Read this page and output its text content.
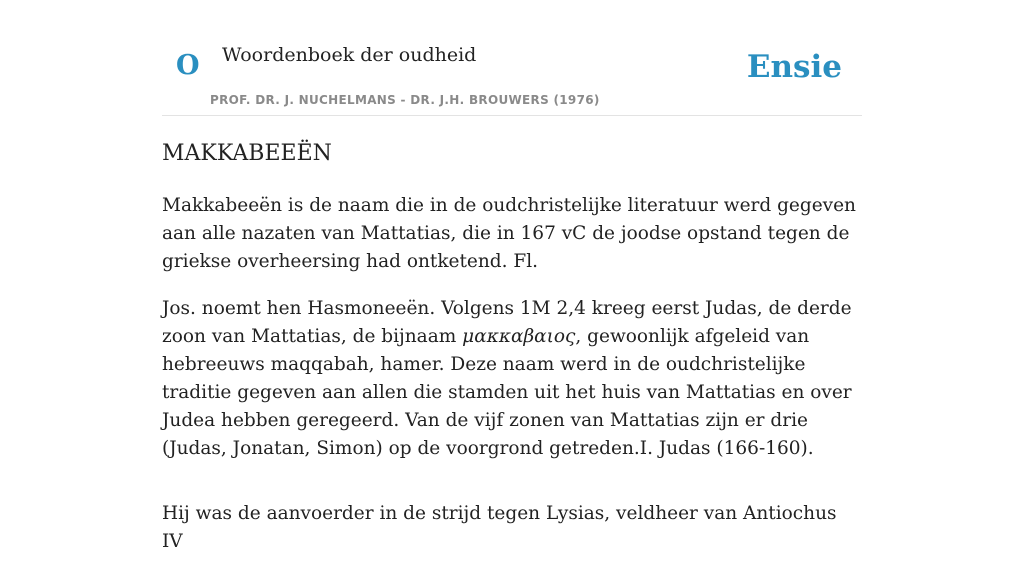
O Woordenboek der oudheid
PROF. DR. J. NUCHELMANS - DR. J.H. BROUWERS (1976)
Ensie
MAKKABEEËN

Makkabeeën is de naam die in de oudchristelijke literatuur werd gegeven aan alle nazaten van Mattatias, die in 167 vC de joodse opstand tegen de griekse overheersing had ontketend. Fl.

Jos. noemt hen Hasmoneeën. Volgens 1M 2,4 kreeg eerst Judas, de derde zoon van Mattatias, de bijnaam μακκαβαιος, gewoonlijk afgeleid van hebreeuws maqqabah, hamer. Deze naam werd in de oudchristelijke traditie gegeven aan allen die stamden uit het huis van Mattatias en over Judea hebben geregeerd. Van de vijf zonen van Mattatias zijn er drie (Judas, Jonatan, Simon) op de voorgrond getreden.I. Judas (166-160).

Hij was de aanvoerder in de strijd tegen Lysias, veldheer van Antiochus IV
